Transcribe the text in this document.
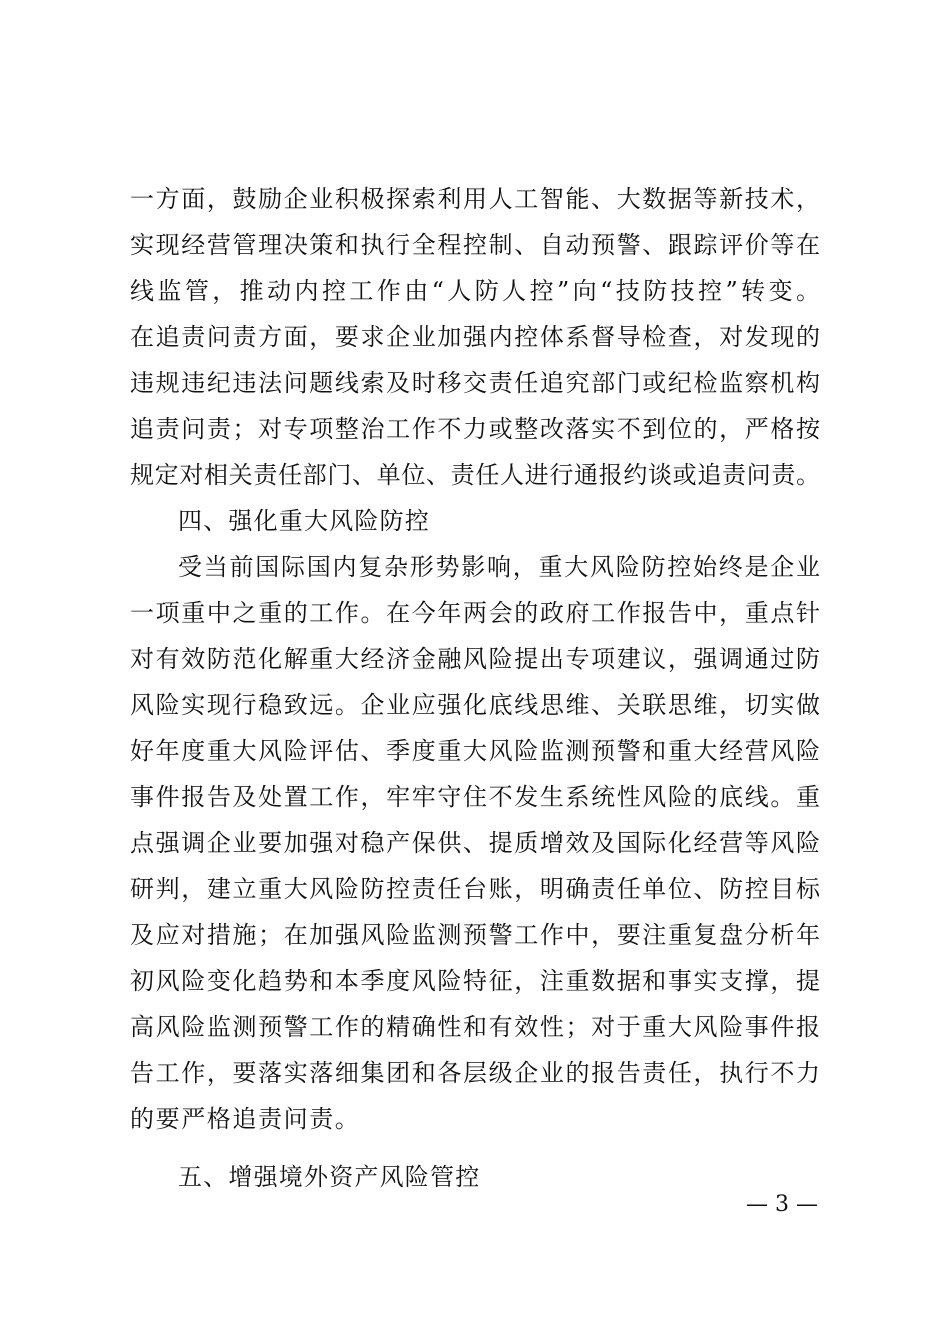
一方面，鼓励企业积极探索利用人工智能、大数据等新技术，
实现经营管理决策和执行全程控制、自动预警、跟踪评价等在
线监管，推动内控工作由“人防人控”向“技防技控”转变。
在追责问责方面，要求企业加强内控体系督导检查，对发现的
违规违纪违法问题线索及时移交责任追究部门或纪检监察机构
追责问责；对专项整治工作不力或整改落实不到位的，严格按
规定对相关责任部门、单位、责任人进行通报约谈或追责问责。
四、强化重大风险防控
受当前国际国内复杂形势影响，重大风险防控始终是企业
一项重中之重的工作。在今年两会的政府工作报告中，重点针
对有效防范化解重大经济金融风险提出专项建议，强调通过防
风险实现行稳致远。企业应强化底线思维、关联思维，切实做
好年度重大风险评估、季度重大风险监测预警和重大经营风险
事件报告及处置工作，牢牢守住不发生系统性风险的底线。重
点强调企业要加强对稳产保供、提质增效及国际化经营等风险
研判，建立重大风险防控责任台账，明确责任单位、防控目标
及应对措施；在加强风险监测预警工作中，要注重复盘分析年
初风险变化趋势和本季度风险特征，注重数据和事实支撑，提
高风险监测预警工作的精确性和有效性；对于重大风险事件报
告工作，要落实落细集团和各层级企业的报告责任，执行不力
的要严格追责问责。
五、增强境外资产风险管控
— 3 —
